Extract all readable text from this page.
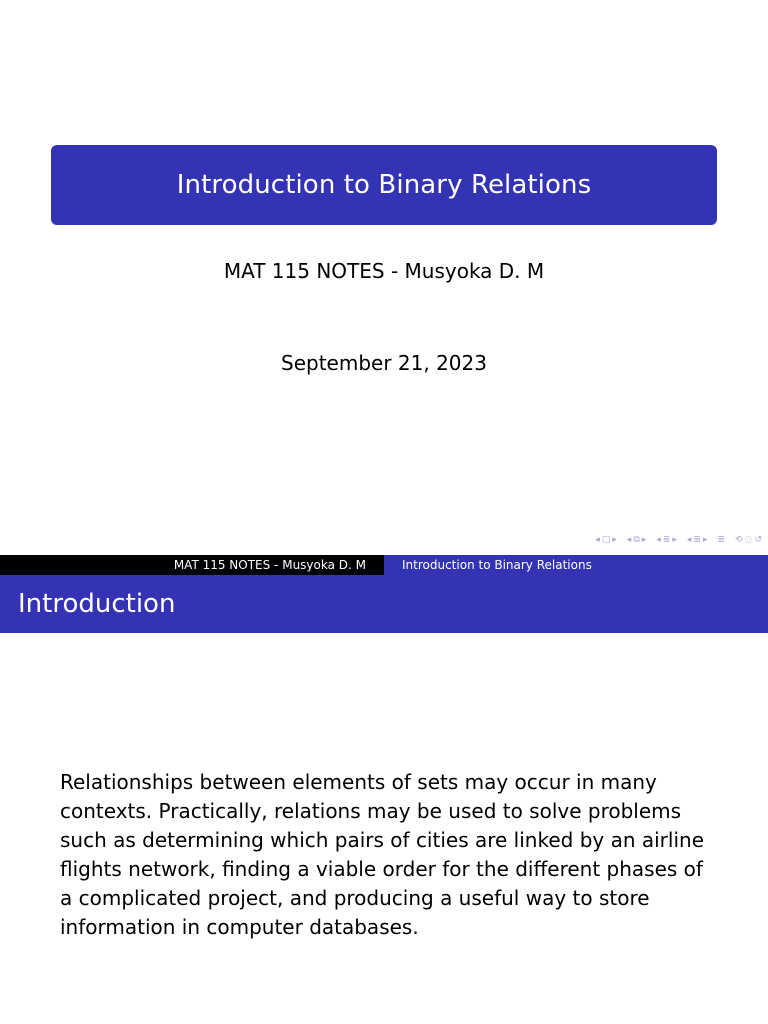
Introduction to Binary Relations
MAT 115 NOTES - Musyoka D. M
September 21, 2023
◂ □ ▸ ◂ ⧉ ▸ ◂ ≣ ▸ ◂ ≣ ▸ ≣ ⟲ ◌ ↺
MAT 115 NOTES - Musyoka D. M	Introduction to Binary Relations
Introduction
Relationships between elements of sets may occur in many contexts. Practically, relations may be used to solve problems such as determining which pairs of cities are linked by an airline flights network, finding a viable order for the different phases of a complicated project, and producing a useful way to store information in computer databases.
